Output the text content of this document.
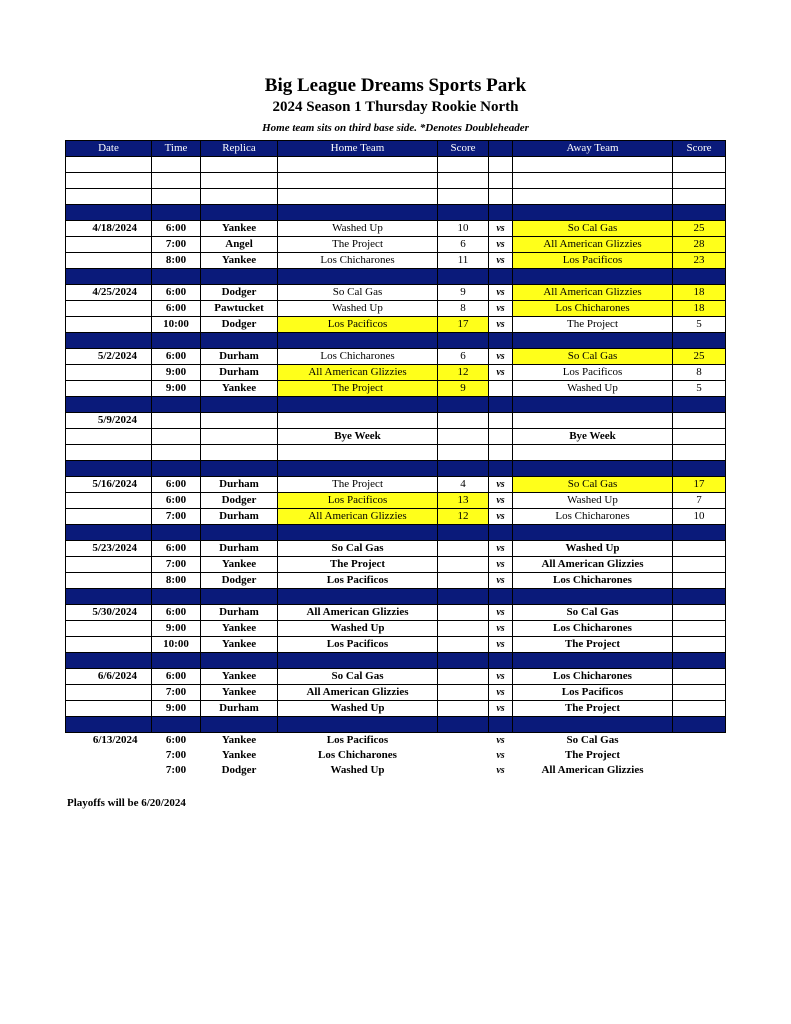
Big League Dreams Sports Park
2024 Season 1 Thursday Rookie North
Home team sits on third base side. *Denotes Doubleheader
Date	Time	Replica	Home Team	Score		Away Team	Score

4/18/2024	6:00	Yankee	Washed Up	10	vs	So Cal Gas	25
	7:00	Angel	The Project	6	vs	All American Glizzies	28
	8:00	Yankee	Los Chicharones	11	vs	Los Pacificos	23

4/25/2024	6:00	Dodger	So Cal Gas	9	vs	All American Glizzies	18
	6:00	Pawtucket	Washed Up	8	vs	Los Chicharones	18
	10:00	Dodger	Los Pacificos	17	vs	The Project	5

5/2/2024	6:00	Durham	Los Chicharones	6	vs	So Cal Gas	25
	9:00	Durham	All American Glizzies	12	vs	Los Pacificos	8
	9:00	Yankee	The Project	9		Washed Up	5

5/9/2024							
			Bye Week			Bye Week	

5/16/2024	6:00	Durham	The Project	4	vs	So Cal Gas	17
	6:00	Dodger	Los Pacificos	13	vs	Washed Up	7
	7:00	Durham	All American Glizzies	12	vs	Los Chicharones	10

5/23/2024	6:00	Durham	So Cal Gas		vs	Washed Up	
	7:00	Yankee	The Project		vs	All American Glizzies	
	8:00	Dodger	Los Pacificos		vs	Los Chicharones	

5/30/2024	6:00	Durham	All American Glizzies		vs	So Cal Gas	
	9:00	Yankee	Washed Up		vs	Los Chicharones	
	10:00	Yankee	Los Pacificos		vs	The Project	

6/6/2024	6:00	Yankee	So Cal Gas		vs	Los Chicharones	
	7:00	Yankee	All American Glizzies		vs	Los Pacificos	
	9:00	Durham	Washed Up		vs	The Project	

6/13/2024	6:00	Yankee	Los Pacificos		vs	So Cal Gas	
	7:00	Yankee	Los Chicharones		vs	The Project	
	7:00	Dodger	Washed Up		vs	All American Glizzies	
Playoffs will be 6/20/2024
